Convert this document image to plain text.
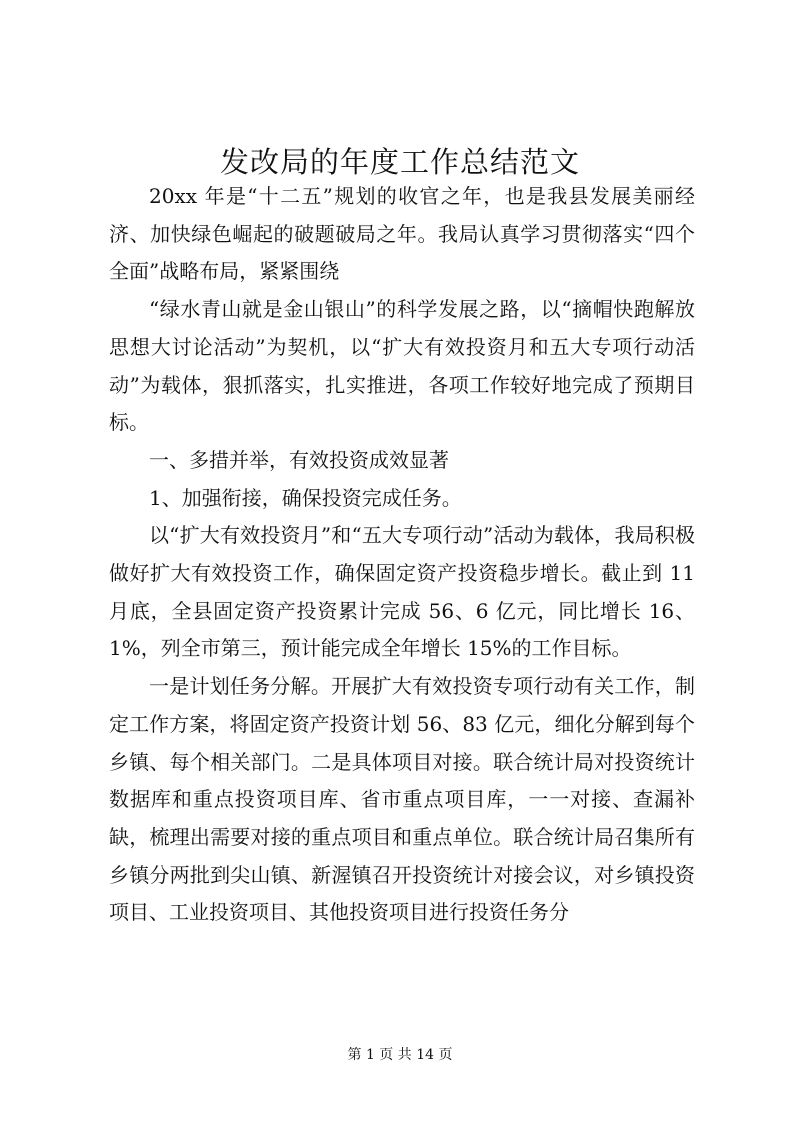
发改局的年度工作总结范文

20xx 年是“十二五”规划的收官之年，也是我县发展美丽经济、加快绿色崛起的破题破局之年。我局认真学习贯彻落实“四个全面”战略布局，紧紧围绕

“绿水青山就是金山银山”的科学发展之路，以“摘帽快跑解放思想大讨论活动”为契机，以“扩大有效投资月和五大专项行动活动”为载体，狠抓落实，扎实推进，各项工作较好地完成了预期目标。

一、多措并举，有效投资成效显著

1、加强衔接，确保投资完成任务。

以“扩大有效投资月”和“五大专项行动”活动为载体，我局积极做好扩大有效投资工作，确保固定资产投资稳步增长。截止到 11 月底，全县固定资产投资累计完成 56、6 亿元，同比增长 16、1%，列全市第三，预计能完成全年增长 15%的工作目标。

一是计划任务分解。开展扩大有效投资专项行动有关工作，制定工作方案，将固定资产投资计划 56、83 亿元，细化分解到每个乡镇、每个相关部门。二是具体项目对接。联合统计局对投资统计数据库和重点投资项目库、省市重点项目库，一一对接、查漏补缺，梳理出需要对接的重点项目和重点单位。联合统计局召集所有乡镇分两批到尖山镇、新渥镇召开投资统计对接会议，对乡镇投资项目、工业投资项目、其他投资项目进行投资任务分

第 1 页 共 14 页
